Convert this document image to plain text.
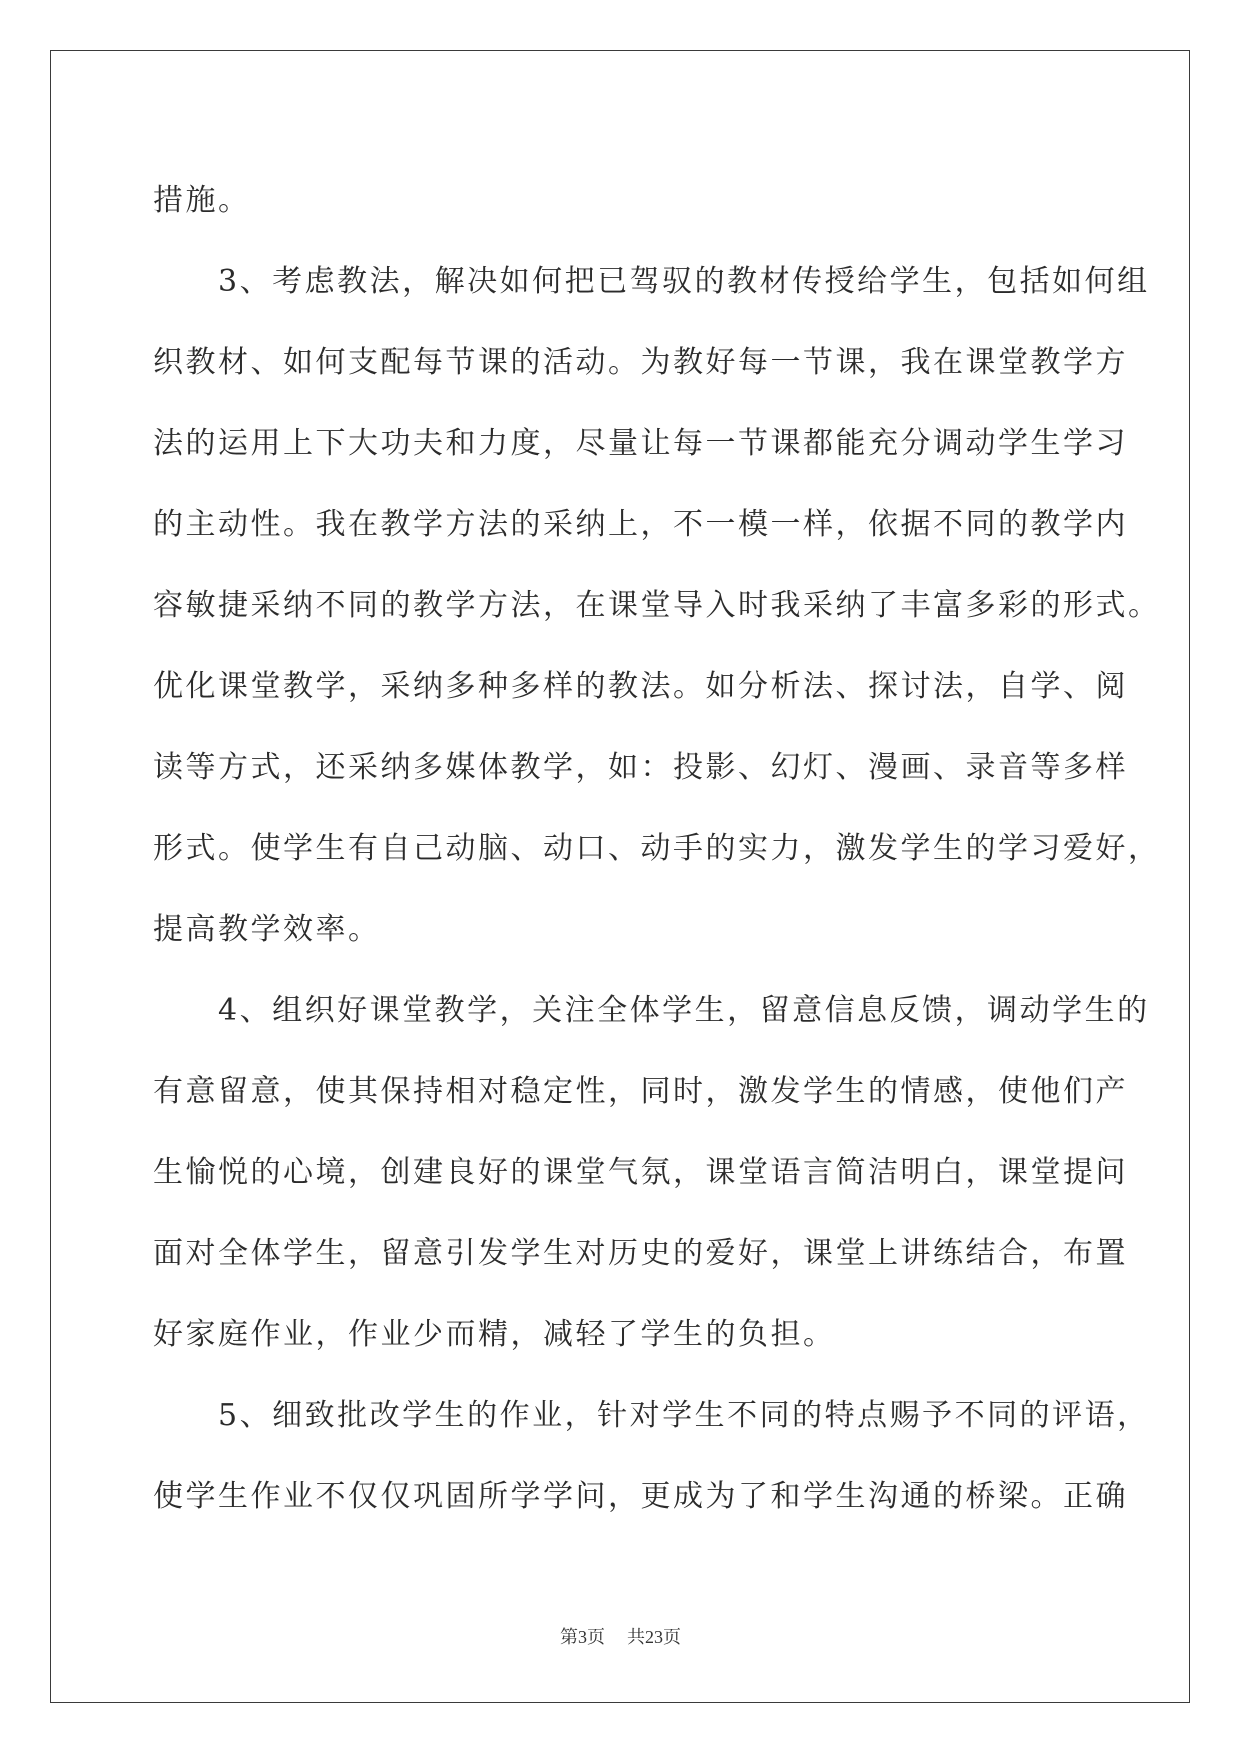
措施。
　　3、考虑教法，解决如何把已驾驭的教材传授给学生，包括如何组
织教材、如何支配每节课的活动。为教好每一节课，我在课堂教学方
法的运用上下大功夫和力度，尽量让每一节课都能充分调动学生学习
的主动性。我在教学方法的采纳上，不一模一样，依据不同的教学内
容敏捷采纳不同的教学方法，在课堂导入时我采纳了丰富多彩的形式。
优化课堂教学，采纳多种多样的教法。如分析法、探讨法，自学、阅
读等方式，还采纳多媒体教学，如：投影、幻灯、漫画、录音等多样
形式。使学生有自己动脑、动口、动手的实力，激发学生的学习爱好，
提高教学效率。
　　4、组织好课堂教学，关注全体学生，留意信息反馈，调动学生的
有意留意，使其保持相对稳定性，同时，激发学生的情感，使他们产
生愉悦的心境，创建良好的课堂气氛，课堂语言简洁明白，课堂提问
面对全体学生，留意引发学生对历史的爱好，课堂上讲练结合，布置
好家庭作业，作业少而精，减轻了学生的负担。
　　5、细致批改学生的作业，针对学生不同的特点赐予不同的评语，
使学生作业不仅仅巩固所学学问，更成为了和学生沟通的桥梁。正确
第3页 共23页
